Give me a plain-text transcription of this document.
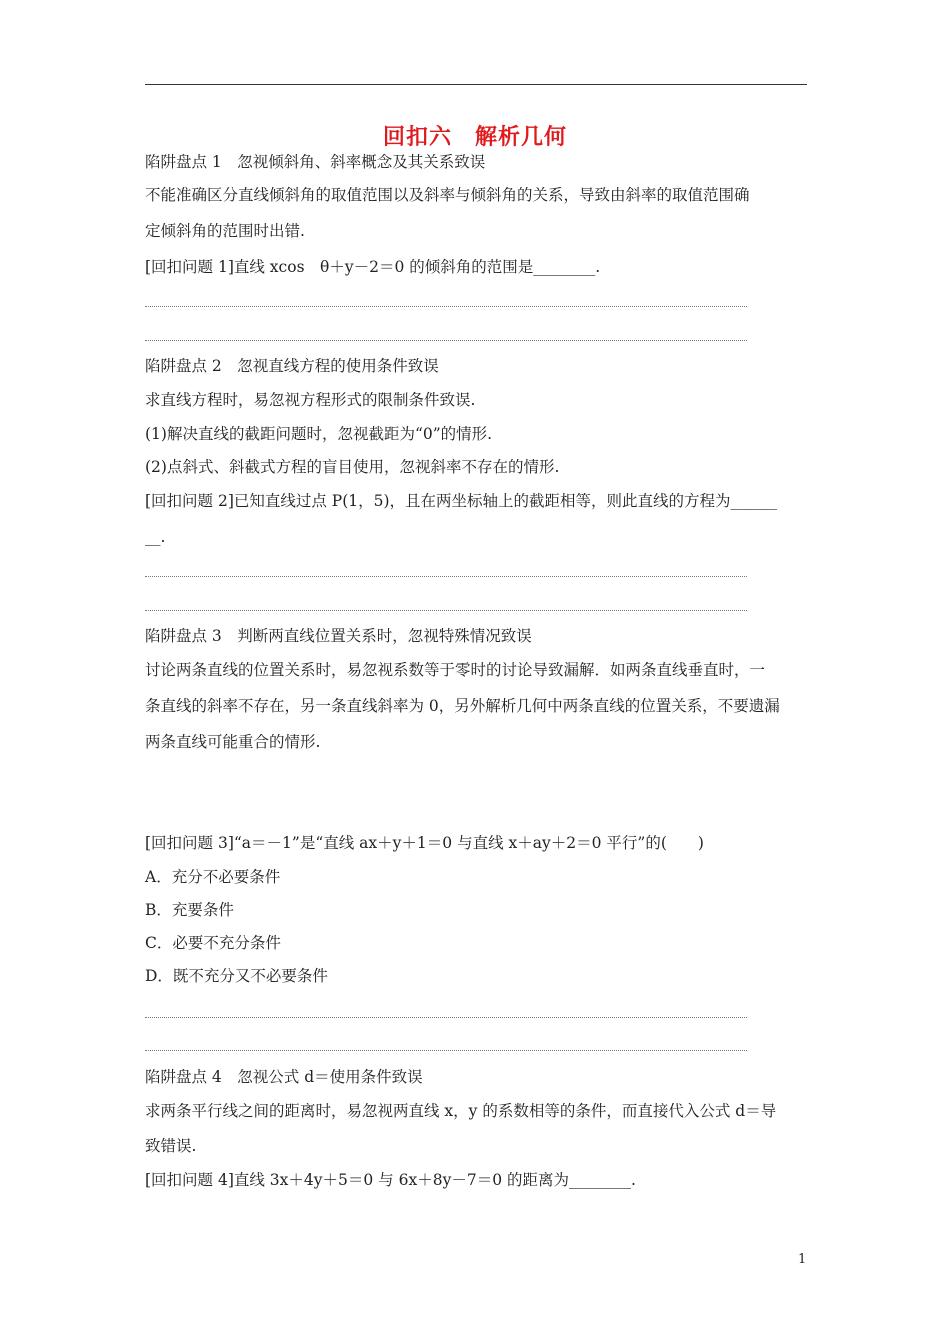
回扣六　解析几何
陷阱盘点 1　忽视倾斜角、斜率概念及其关系致误
不能准确区分直线倾斜角的取值范围以及斜率与倾斜角的关系，导致由斜率的取值范围确
定倾斜角的范围时出错.
[回扣问题 1]直线 xcos　θ＋y－2＝0 的倾斜角的范围是________.
陷阱盘点 2　忽视直线方程的使用条件致误
求直线方程时，易忽视方程形式的限制条件致误.
(1)解决直线的截距问题时，忽视截距为“0”的情形.
(2)点斜式、斜截式方程的盲目使用，忽视斜率不存在的情形.
[回扣问题 2]已知直线过点 P(1，5)，且在两坐标轴上的截距相等，则此直线的方程为______
__.
陷阱盘点 3　判断两直线位置关系时，忽视特殊情况致误
讨论两条直线的位置关系时，易忽视系数等于零时的讨论导致漏解．如两条直线垂直时，一
条直线的斜率不存在，另一条直线斜率为 0，另外解析几何中两条直线的位置关系，不要遗漏
两条直线可能重合的情形.
[回扣问题 3]“a＝－1”是“直线 ax＋y＋1＝0 与直线 x＋ay＋2＝0 平行”的(　　)
A．充分不必要条件
B．充要条件
C．必要不充分条件
D．既不充分又不必要条件
陷阱盘点 4　忽视公式 d＝使用条件致误
求两条平行线之间的距离时，易忽视两直线 x，y 的系数相等的条件，而直接代入公式 d＝导
致错误.
[回扣问题 4]直线 3x＋4y＋5＝0 与 6x＋8y－7＝0 的距离为________.
1
